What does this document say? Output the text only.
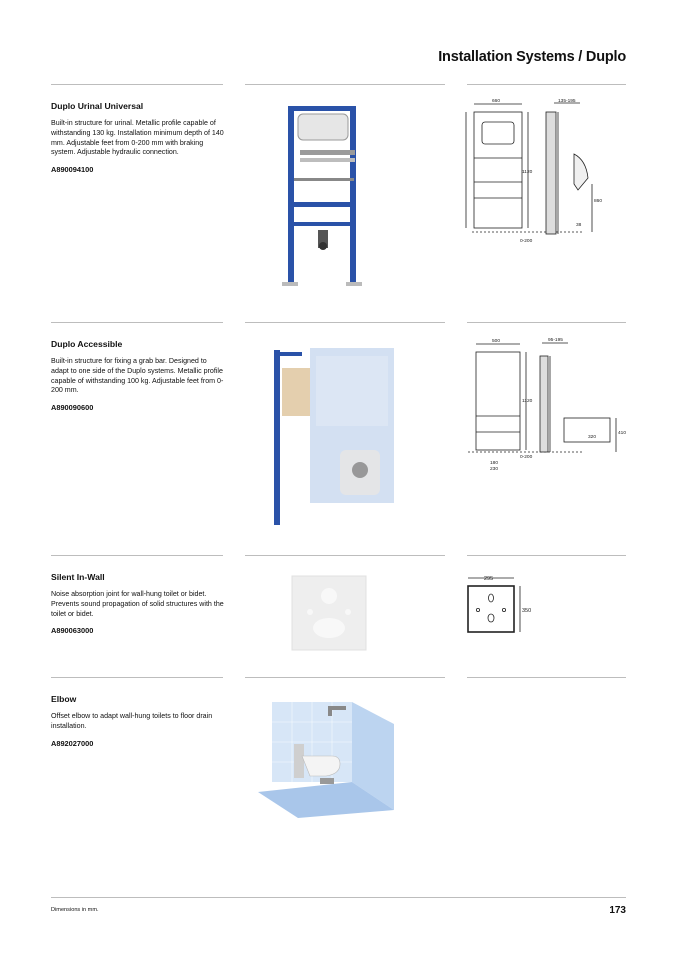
Installation Systems / Duplo

Duplo Urinal Universal

Built-in structure for urinal. Metallic profile capable of withstanding 130 kg. Installation minimum depth of 140 mm. Adjustable feet from 0-200 mm with braking system. Adjustable hydraulic connection.

A890094100
660	135-195
1120
860
38
0-200

Duplo Accessible

Built-in structure for fixing a grab bar. Designed to adapt to one side of the Duplo systems. Metallic profile capable of withstanding 100 kg. Adjustable feet from 0-200 mm.

A890090600
500	95-195
1120
320
410
0-200
180
230

Silent In-Wall

Noise absorption joint for wall-hung toilet or bidet. Prevents sound propagation of solid structures with the toilet or bidet.

A890063000
295
350

Elbow

Offset elbow to adapt wall-hung toilets to floor drain installation.

A892027000
Dimensions in mm.	173
